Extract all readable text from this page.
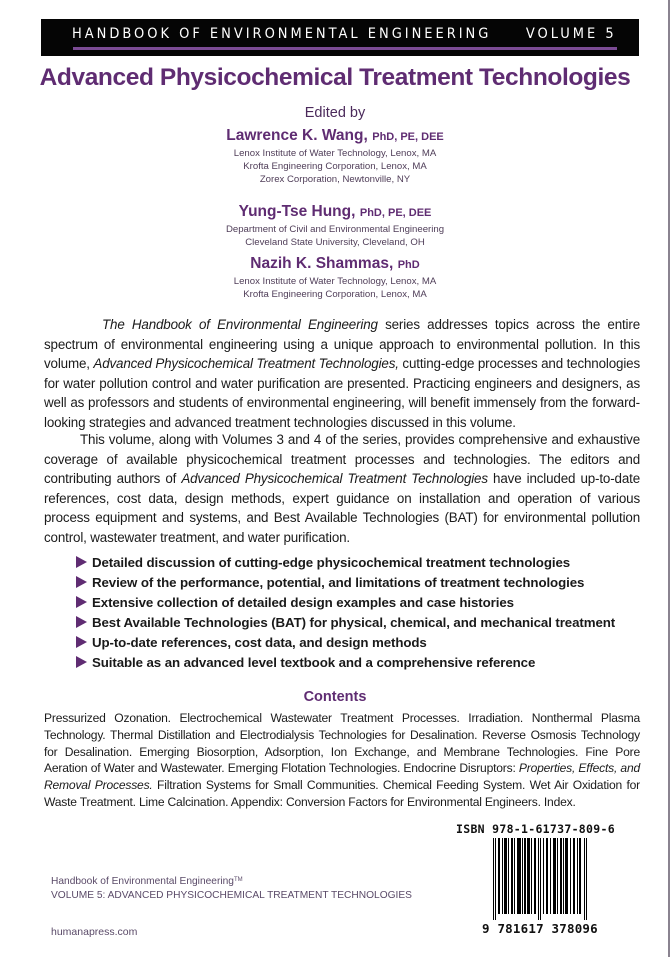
HANDBOOK OF ENVIRONMENTAL ENGINEERING VOLUME 5
Advanced Physicochemical Treatment Technologies
Edited by
Lawrence K. Wang, PhD, PE, DEE
Lenox Institute of Water Technology, Lenox, MA
Krofta Engineering Corporation, Lenox, MA
Zorex Corporation, Newtonville, NY
Yung-Tse Hung, PhD, PE, DEE
Department of Civil and Environmental Engineering
Cleveland State University, Cleveland, OH
Nazih K. Shammas, PhD
Lenox Institute of Water Technology, Lenox, MA
Krofta Engineering Corporation, Lenox, MA
The Handbook of Environmental Engineering series addresses topics across the entire spectrum of environmental engineering using a unique approach to environmental pollution. In this volume, Advanced Physicochemical Treatment Technologies, cutting-edge processes and technologies for water pollution control and water purification are presented. Practicing engineers and designers, as well as professors and students of environmental engineering, will benefit immensely from the forward-looking strategies and advanced treatment technologies discussed in this volume.
This volume, along with Volumes 3 and 4 of the series, provides comprehensive and exhaustive coverage of available physicochemical treatment processes and technologies. The editors and contributing authors of Advanced Physicochemical Treatment Technologies have included up-to-date references, cost data, design methods, expert guidance on installation and operation of various process equipment and systems, and Best Available Technologies (BAT) for environmental pollution control, wastewater treatment, and water purification.
Detailed discussion of cutting-edge physicochemical treatment technologies
Review of the performance, potential, and limitations of treatment technologies
Extensive collection of detailed design examples and case histories
Best Available Technologies (BAT) for physical, chemical, and mechanical treatment
Up-to-date references, cost data, and design methods
Suitable as an advanced level textbook and a comprehensive reference
Contents
Pressurized Ozonation. Electrochemical Wastewater Treatment Processes. Irradiation. Nonthermal Plasma Technology. Thermal Distillation and Electrodialysis Technologies for Desalination. Reverse Osmosis Technology for Desalination. Emerging Biosorption, Adsorption, Ion Exchange, and Membrane Technologies. Fine Pore Aeration of Water and Wastewater. Emerging Flotation Technologies. Endocrine Disruptors: Properties, Effects, and Removal Processes. Filtration Systems for Small Communities. Chemical Feeding System. Wet Air Oxidation for Waste Treatment. Lime Calcination. Appendix: Conversion Factors for Environmental Engineers. Index.
Handbook of Environmental Engineering™
VOLUME 5: ADVANCED PHYSICOCHEMICAL TREATMENT TECHNOLOGIES
humanapress.com
ISBN 978-1-61737-809-6
9 781617 378096
